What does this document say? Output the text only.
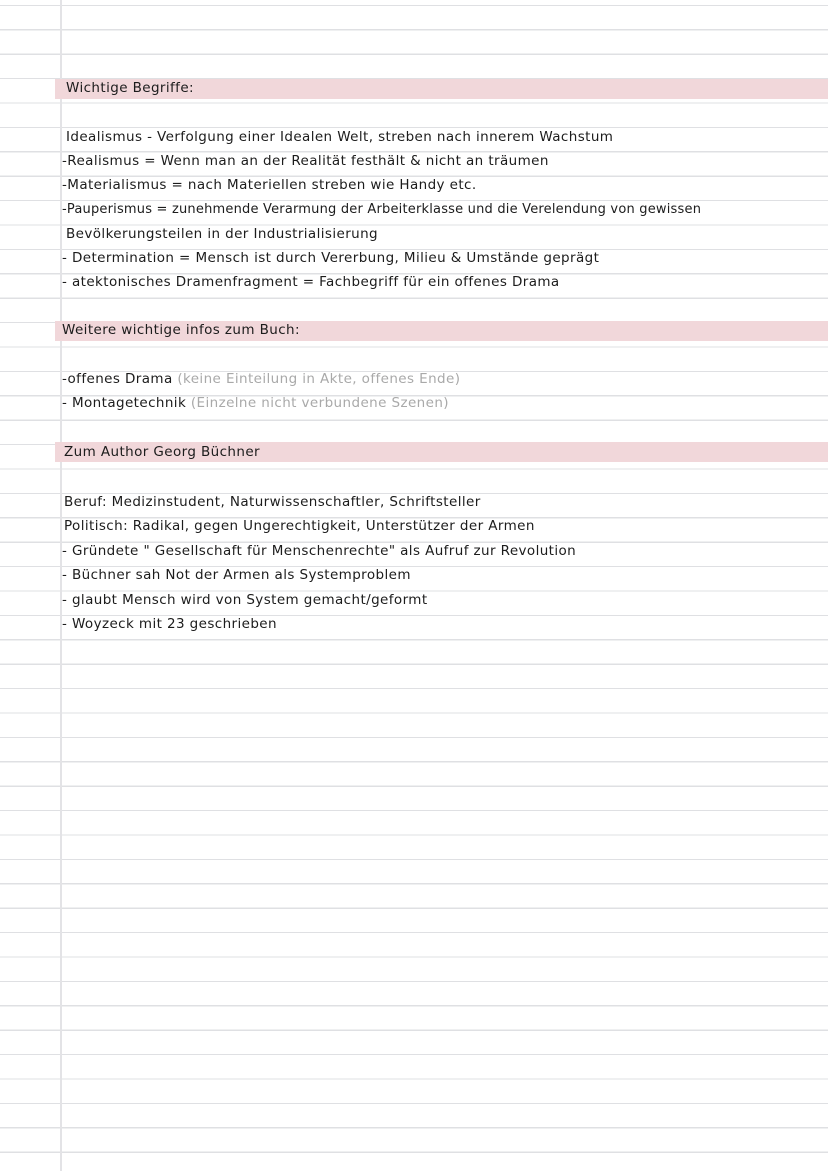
Wichtige Begriffe:
Idealismus - Verfolgung einer Idealen Welt, streben nach innerem Wachstum
-Realismus = Wenn man an der Realität festhält & nicht an träumen
-Materialismus = nach Materiellen streben wie Handy etc.
-Pauperismus = zunehmende Verarmung der Arbeiterklasse und die Verelendung von gewissen
Bevölkerungsteilen in der Industrialisierung
- Determination = Mensch ist durch Vererbung, Milieu & Umstände geprägt
- atektonisches Dramenfragment = Fachbegriff für ein offenes Drama
Weitere wichtige infos zum Buch:
-offenes Drama (keine Einteilung in Akte, offenes Ende)
- Montagetechnik (Einzelne nicht verbundene Szenen)
Zum Author Georg Büchner
Beruf: Medizinstudent, Naturwissenschaftler, Schriftsteller
Politisch: Radikal, gegen Ungerechtigkeit, Unterstützer der Armen
- Gründete " Gesellschaft für Menschenrechte" als Aufruf zur Revolution
- Büchner sah Not der Armen als Systemproblem
- glaubt Mensch wird von System gemacht/geformt
- Woyzeck mit 23 geschrieben
